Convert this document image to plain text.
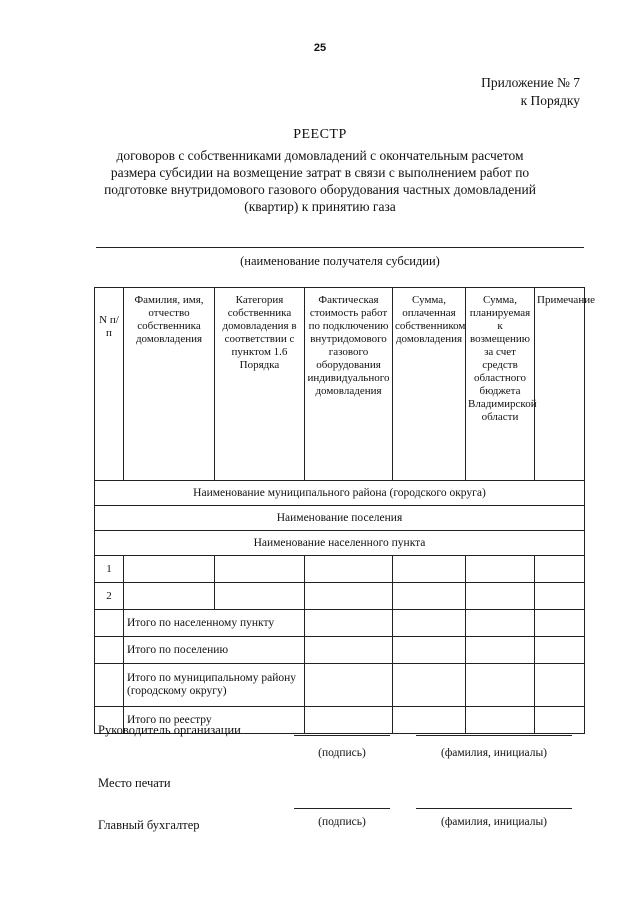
25
Приложение № 7
к Порядку
РЕЕСТР
договоров с собственниками домовладений с окончательным расчетом размера субсидии на возмещение затрат в связи с выполнением работ по подготовке внутридомового газового оборудования частных домовладений (квартир) к принятию газа
(наименование получателя субсидии)
N п/п	Фамилия, имя, отчество собственника домовладения	Категория собственника домовладения в соответствии с пунктом 1.6 Порядка	Фактическая стоимость работ по подключению внутридомового газового оборудования индивидуального домовладения	Сумма, оплаченная собственником домовладения	Сумма, планируемая к возмещению за счет средств областного бюджета Владимирской области	Примечание
Наименование муниципального района (городского округа)						
Наименование поселения						
Наименование населенного пункта						
1						
2						
	Итого по населенному пункту					
	Итого по поселению					
	Итого по муниципальному району (городскому округу)					
	Итого по реестру					
Руководитель организации
(подпись)	(фамилия, инициалы)
Место печати
Главный бухгалтер	(подпись)	(фамилия, инициалы)
